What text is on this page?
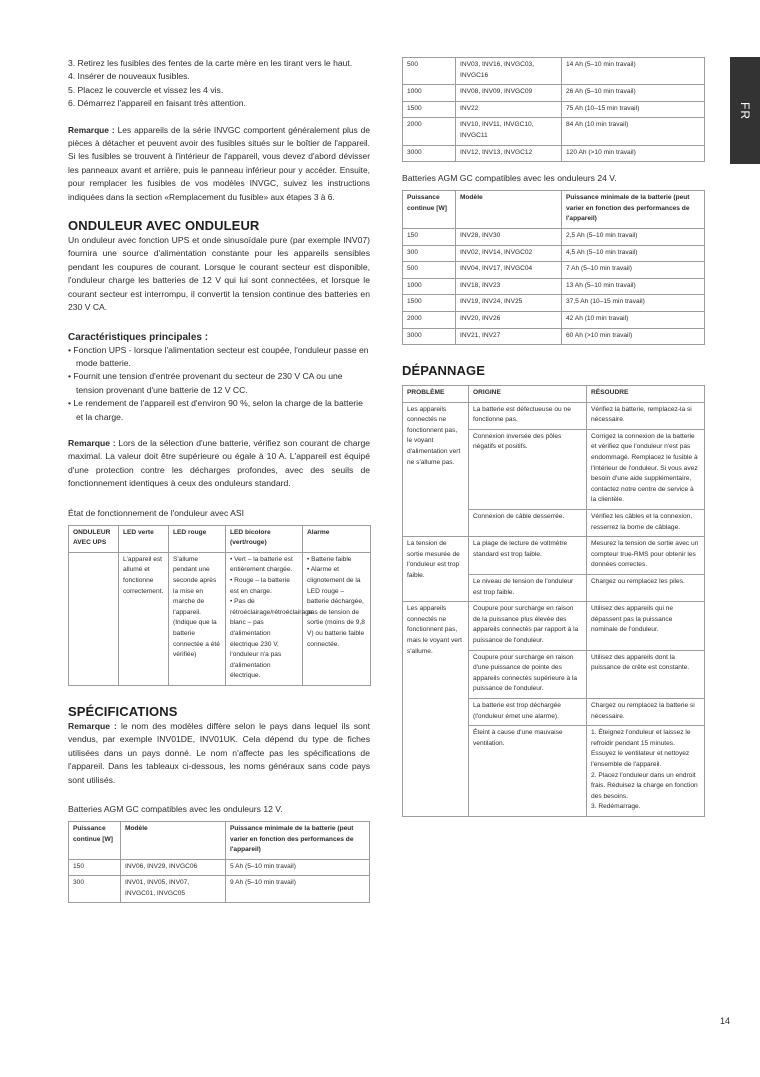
FR
3. Retirez les fusibles des fentes de la carte mère en les tirant vers le haut.
4. Insérer de nouveaux fusibles.
5. Placez le couvercle et vissez les 4 vis.
6. Démarrez l'appareil en faisant très attention.
Remarque : Les appareils de la série INVGC comportent généralement plus de pièces à détacher et peuvent avoir des fusibles situés sur le boîtier de l'appareil. Si les fusibles se trouvent à l'intérieur de l'appareil, vous devez d'abord dévisser les panneaux avant et arrière, puis le panneau inférieur pour y accéder. Ensuite, pour remplacer les fusibles de vos modèles INVGC, suivez les instructions indiquées dans la section «Remplacement du fusible» aux étapes 3 à 6.
ONDULEUR AVEC ONDULEUR
Un onduleur avec fonction UPS et onde sinusoïdale pure (par exemple INV07) fournira une source d'alimentation constante pour les appareils sensibles pendant les coupures de courant. Lorsque le courant secteur est disponible, l'onduleur charge les batteries de 12 V qui lui sont connectées, et lorsque le courant secteur est interrompu, il convertit la tension continue des batteries en 230 V CA.
Caractéristiques principales :
• Fonction UPS - lorsque l'alimentation secteur est coupée, l'onduleur passe en mode batterie.
• Fournit une tension d'entrée provenant du secteur de 230 V CA ou une tension provenant d'une batterie de 12 V CC.
• Le rendement de l'appareil est d'environ 90 %, selon la charge de la batterie et la charge.
Remarque : Lors de la sélection d'une batterie, vérifiez son courant de charge maximal. La valeur doit être supérieure ou égale à 10 A. L'appareil est équipé d'une protection contre les décharges profondes, avec des seuils de fonctionnement identiques à ceux des onduleurs standard.
État de fonctionnement de l'onduleur avec ASI
ONDULEUR AVEC UPS	LED verte	LED rouge	LED bicolore (vert/rouge)	Alarme
	L'appareil est allumé et fonctionne correctement.	S'allume pendant une seconde après la mise en marche de l'appareil. (Indique que la batterie connectée a été vérifiée)	• Vert – la batterie est entièrement chargée.
• Rouge – la batterie est en charge.
• Pas de rétroéclairage/rétroéclairage blanc – pas d'alimentation électrique 230 V, l'onduleur n'a pas d'alimentation électrique.	• Batterie faible
• Alarme et clignotement de la LED rouge – batterie déchargée, pas de tension de sortie (moins de 9,8 V) ou batterie faible connectée.
SPÉCIFICATIONS
Remarque : le nom des modèles diffère selon le pays dans lequel ils sont vendus, par exemple INV01DE, INV01UK. Cela dépend du type de fiches utilisées dans un pays donné. Le nom n'affecte pas les spécifications de l'appareil. Dans les tableaux ci-dessous, les noms généraux sans code pays sont utilisés.
Batteries AGM GC compatibles avec les onduleurs 12 V.
Puissance continue [W]	Modèle	Puissance minimale de la batterie (peut varier en fonction des performances de l'appareil)
150	INV06, INV29, INVGC06	5 Ah (5–10 min travail)
300	INV01, INV05, INV07, INVGC01, INVGC05	9 Ah (5–10 min travail)
500	INV03, INV16, INVGC03, INVGC16	14 Ah (5–10 min travail)
1000	INV08, INV09, INVGC09	26 Ah (5–10 min travail)
1500	INV22	75 Ah (10–15 min travail)
2000	INV10, INV11, INVGC10, INVGC11	84 Ah (10 min travail)
3000	INV12, INV13, INVGC12	120 Ah (>10 min travail)
Batteries AGM GC compatibles avec les onduleurs 24 V.
Puissance continue [W]	Modèle	Puissance minimale de la batterie (peut varier en fonction des performances de l'appareil)
150	INV28, INV30	2,5 Ah (5–10 min travail)
300	INV02, INV14, INVGC02	4,5 Ah (5–10 min travail)
500	INV04, INV17, INVGC04	7 Ah (5–10 min travail)
1000	INV18, INV23	13 Ah (5–10 min travail)
1500	INV19, INV24, INV25	37,5 Ah (10–15 min travail)
2000	INV20, INV26	42 Ah (10 min travail)
3000	INV21, INV27	60 Ah (>10 min travail)
DÉPANNAGE
PROBLÈME	ORIGINE	RÉSOUDRE
Les appareils connectés ne fonctionnent pas, le voyant d'alimentation vert ne s'allume pas.	La batterie est défectueuse ou ne fonctionne pas.	Vérifiez la batterie, remplacez-la si nécessaire.
	Connexion inversée des pôles négatifs et positifs.	Corrigez la connexion de la batterie et vérifiez que l'onduleur n'est pas endommagé. Remplacez le fusible à l'intérieur de l'onduleur. Si vous avez besoin d'une aide supplémentaire, contactez notre centre de service à la clientèle.
	Connexion de câble desserrée.	Vérifiez les câbles et la connexion, resserrez la borne de câblage.
La tension de sortie mesurée de l'onduleur est trop faible.	La plage de lecture de voltmètre standard est trop faible.	Mesurez la tension de sortie avec un compteur true-RMS pour obtenir les données correctes.
	Le niveau de tension de l'onduleur est trop faible.	Chargez ou remplacez les piles.
Les appareils connectés ne fonctionnent pas, mais le voyant vert s'allume.	Coupure pour surcharge en raison de la puissance plus élevée des appareils connectés par rapport à la puissance de l'onduleur.	Utilisez des appareils qui ne dépassent pas la puissance nominale de l'onduleur.
	Coupure pour surcharge en raison d'une puissance de pointe des appareils connectés supérieure à la puissance de l'onduleur.	Utilisez des appareils dont la puissance de crête est constante.
	La batterie est trop déchargée (l'onduleur émet une alarme).	Chargez ou remplacez la batterie si nécessaire.
	Éteint à cause d'une mauvaise ventilation.	1. Éteignez l'onduleur et laissez le refroidir pendant 15 minutes. Essuyez le ventilateur et nettoyez l'ensemble de l'appareil.
2. Placez l'onduleur dans un endroit frais. Réduisez la charge en fonction des besoins.
3. Redémarrage.
14
